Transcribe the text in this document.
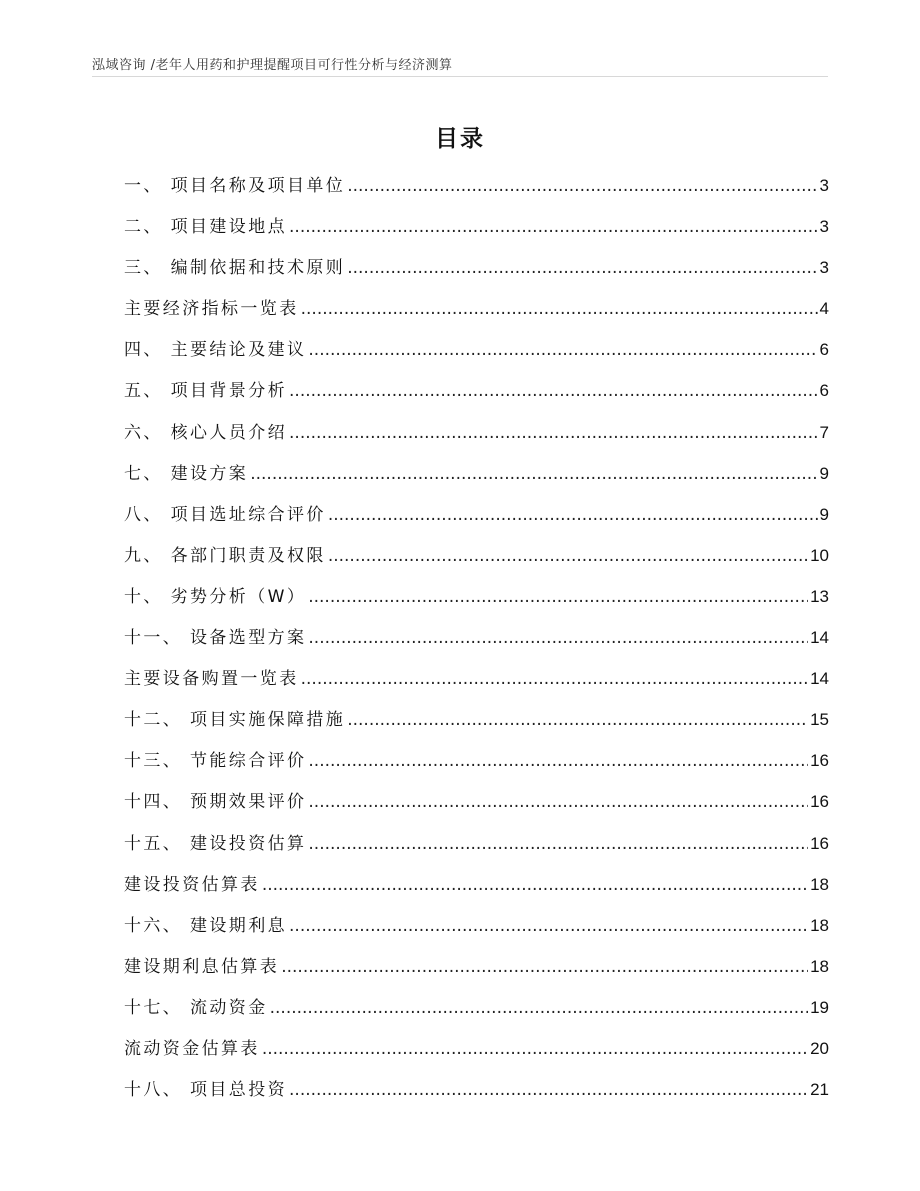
泓域咨询 /老年人用药和护理提醒项目可行性分析与经济测算
目录
一、 项目名称及项目单位 .....	3
二、 项目建设地点 .....	3
三、 编制依据和技术原则 .....	3
主要经济指标一览表 .....	4
四、 主要结论及建议 .....	6
五、 项目背景分析 .....	6
六、 核心人员介绍 .....	7
七、 建设方案 .....	9
八、 项目选址综合评价 .....	9
九、 各部门职责及权限 .....	10
十、 劣势分析（W） .....	13
十一、 设备选型方案 .....	14
主要设备购置一览表 .....	14
十二、 项目实施保障措施 .....	15
十三、 节能综合评价 .....	16
十四、 预期效果评价 .....	16
十五、 建设投资估算 .....	16
建设投资估算表 .....	18
十六、 建设期利息 .....	18
建设期利息估算表 .....	18
十七、 流动资金 .....	19
流动资金估算表 .....	20
十八、 项目总投资 .....	21
